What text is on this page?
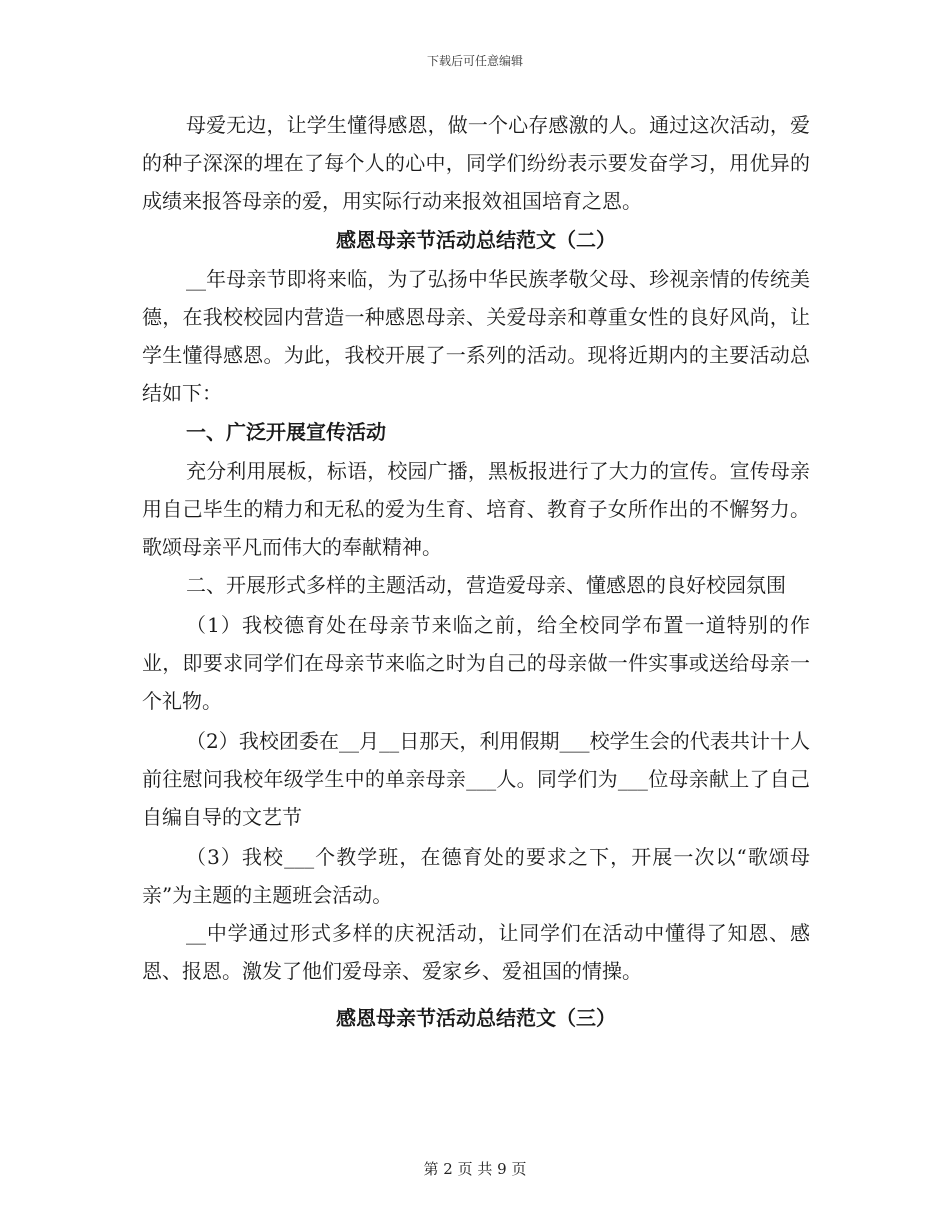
下载后可任意编辑

母爱无边，让学生懂得感恩，做一个心存感激的人。通过这次活动，爱的种子深深的埋在了每个人的心中，同学们纷纷表示要发奋学习，用优异的成绩来报答母亲的爱，用实际行动来报效祖国培育之恩。

感恩母亲节活动总结范文（二）

__年母亲节即将来临，为了弘扬中华民族孝敬父母、珍视亲情的传统美德，在我校校园内营造一种感恩母亲、关爱母亲和尊重女性的良好风尚，让学生懂得感恩。为此，我校开展了一系列的活动。现将近期内的主要活动总结如下：

一、广泛开展宣传活动

充分利用展板，标语，校园广播，黑板报进行了大力的宣传。宣传母亲用自己毕生的精力和无私的爱为生育、培育、教育子女所作出的不懈努力。歌颂母亲平凡而伟大的奉献精神。

二、开展形式多样的主题活动，营造爱母亲、懂感恩的良好校园氛围

（1）我校德育处在母亲节来临之前，给全校同学布置一道特别的作业，即要求同学们在母亲节来临之时为自己的母亲做一件实事或送给母亲一个礼物。

（2）我校团委在__月__日那天，利用假期___校学生会的代表共计十人前往慰问我校年级学生中的单亲母亲___人。同学们为___位母亲献上了自己自编自导的文艺节

（3）我校___个教学班，在德育处的要求之下，开展一次以“歌颂母亲”为主题的主题班会活动。

__中学通过形式多样的庆祝活动，让同学们在活动中懂得了知恩、感恩、报恩。激发了他们爱母亲、爱家乡、爱祖国的情操。

感恩母亲节活动总结范文（三）
第 2 页 共 9 页
